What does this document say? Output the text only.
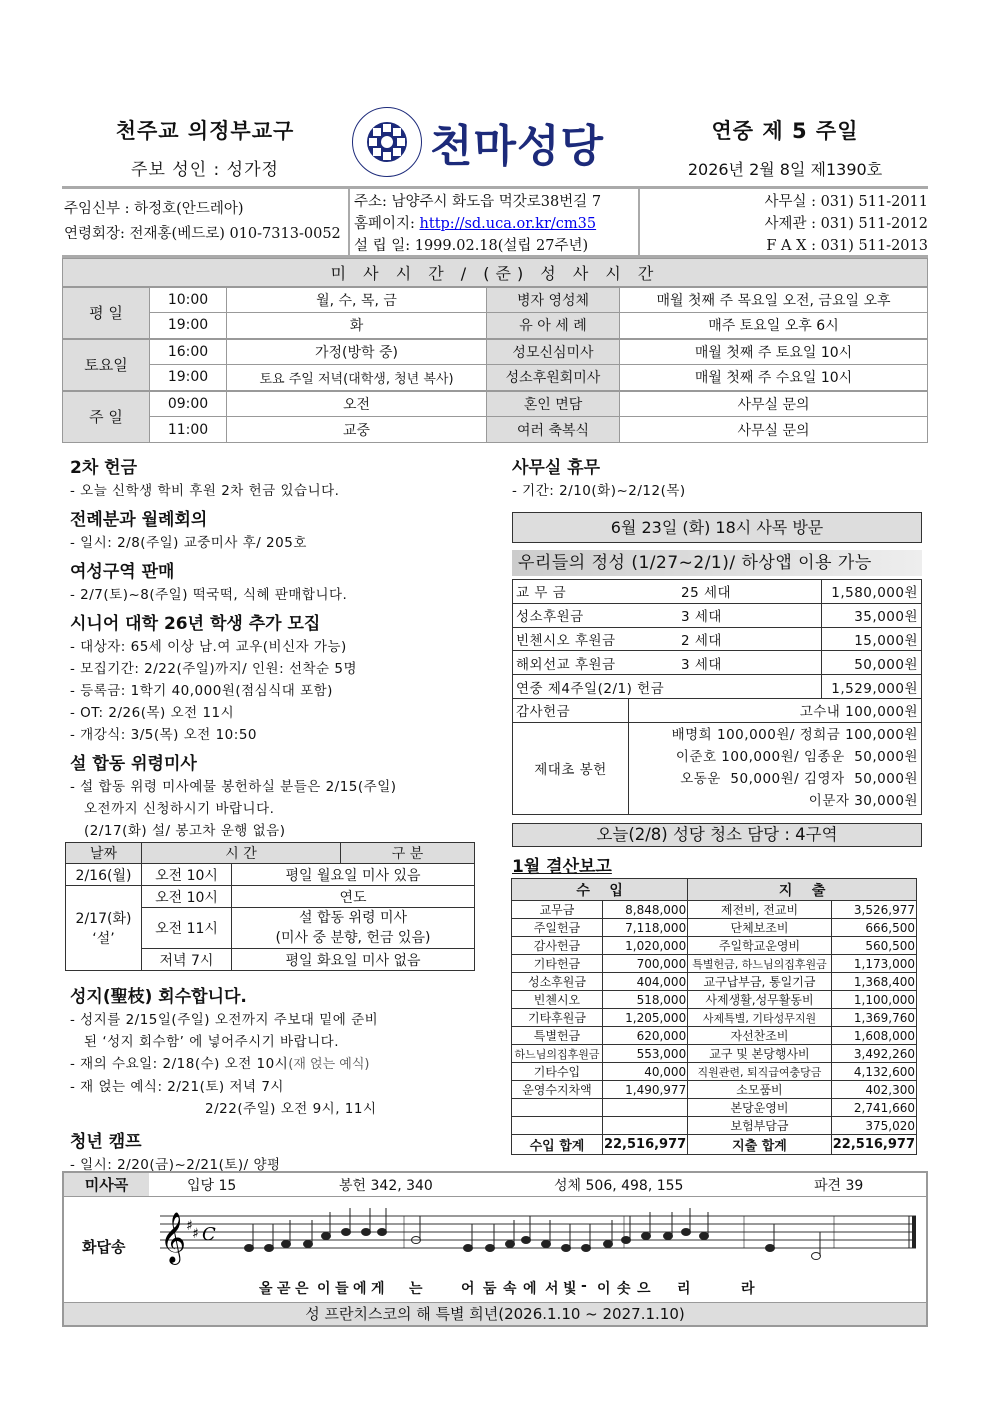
천주교 의정부교구
주보 성인 : 성가정	천마성당	연중 제 5 주일
2026년 2월 8일 제1390호
주임신부 : 하정호(안드레아)
연령회장: 전재홍(베드로) 010-7313-0052
주소: 남양주시 화도읍 먹갓로38번길 7
홈페이지: http://sd.uca.or.kr/cm35
설 립 일: 1999.02.18(설립 27주년)
사무실 : 031) 511-2011
사제관 : 031) 511-2012
F A X : 031) 511-2013
미 사 시 간 / (준) 성 사 시 간				
평 일	10:00	월, 수, 목, 금	병자 영성체	매월 첫째 주 목요일 오전, 금요일 오후
	19:00	화	유 아 세 례	매주 토요일 오후 6시
토요일	16:00	가정(방학 중)	성모신심미사	매월 첫째 주 토요일 10시
	19:00	토요 주일 저녁(대학생, 청년 복사)	성소후원회미사	매월 첫째 주 수요일 10시
주 일	09:00	오전	혼인 면담	사무실 문의
	11:00	교중	여러 축복식	사무실 문의
2차 헌금
- 오늘 신학생 학비 후원 2차 헌금 있습니다.
전례분과 월례회의
- 일시: 2/8(주일) 교중미사 후/ 205호
여성구역 판매
- 2/7(토)~8(주일) 떡국떡, 식혜 판매합니다.
시니어 대학 26년 학생 추가 모집
- 대상자: 65세 이상 남.여 교우(비신자 가능)
- 모집기간: 2/22(주일)까지/ 인원: 선착순 5명
- 등록금: 1학기 40,000원(점심식대 포함)
- OT: 2/26(목) 오전 11시
- 개강식: 3/5(목) 오전 10:50
설 합동 위령미사
- 설 합동 위령 미사예물 봉헌하실 분들은 2/15(주일)
오전까지 신청하시기 바랍니다.
(2/17(화) 설/ 봉고차 운행 없음)
날짜	시 간		구 분
2/16(월)	오전 10시	평일 월요일 미사 있음	

2/17(화)
‘설’	오전 10시	연도	
	오전 11시	설 합동 위령 미사
(미사 중 분향, 헌금 있음)	

	저녁 7시	평일 화요일 미사 없음	
성지(聖枝) 회수합니다.
- 성지를 2/15일(주일) 오전까지 주보대 밑에 준비
된 ‘성지 회수함’ 에 넣어주시기 바랍니다.
- 재의 수요일: 2/18(수) 오전 10시(재 얹는 예식)
- 재 얹는 예식: 2/21(토) 저녁 7시
2/22(주일) 오전 9시, 11시
청년 캠프
- 일시: 2/20(금)~2/21(토)/ 양평
사무실 휴무
- 기간: 2/10(화)~2/12(목)
6월 23일 (화) 18시 사목 방문
우리들의 정성 (1/27~2/1)/ 하상앱 이용 가능
교 무 금 25 세대		1,580,000원
성소후원금 3 세대		35,000원
빈첸시오 후원금 2 세대		15,000원
해외선교 후원금 3 세대		50,000원
연중 제4주일(2/1) 헌금		1,529,000원
감사헌금	고수내 100,000원	
제대초 봉헌	배명희 100,000원/ 정희금 100,000원
이준호 100,000원/ 임종운  50,000원
오동운  50,000원/ 김영자  50,000원
이문자 30,000원	
오늘(2/8) 성당 청소 담당 : 4구역
1월 결산보고
수    입		지    출	
교무금	8,848,000	제전비, 전교비	3,526,977
주일헌금	7,118,000	단체보조비	666,500
감사헌금	1,020,000	주일학교운영비	560,500
기타헌금	700,000	특별헌금, 하느님의집후원금	1,173,000
성소후원금	404,000	교구납부금, 통일기금	1,368,400
빈첸시오	518,000	사제생활,성무활동비	1,100,000
기타후원금	1,205,000	사제특별, 기타성무지원	1,369,760
특별헌금	620,000	자선찬조비	1,608,000
하느님의집후원금	553,000	교구 및 본당행사비	3,492,260
기타수입	40,000	직원관련, 퇴직급여충당금	4,132,600
운영수지차액	1,490,977	소모품비	402,300
		본당운영비	2,741,660
		보험부담금	375,020
수입 합계	22,516,977	지출 합계	22,516,977
미사곡	입당 15	봉헌 342, 340	성체 506, 498, 155	파견 39
화답송 𝄞 ♯ ♯ C
올 곧 은 이 들 에 게 는	어 둠 속 에 서 빛 - 이 솟 으 리	라
성 프란치스코의 해 특별 희년(2026.1.10 ~ 2027.1.10)
